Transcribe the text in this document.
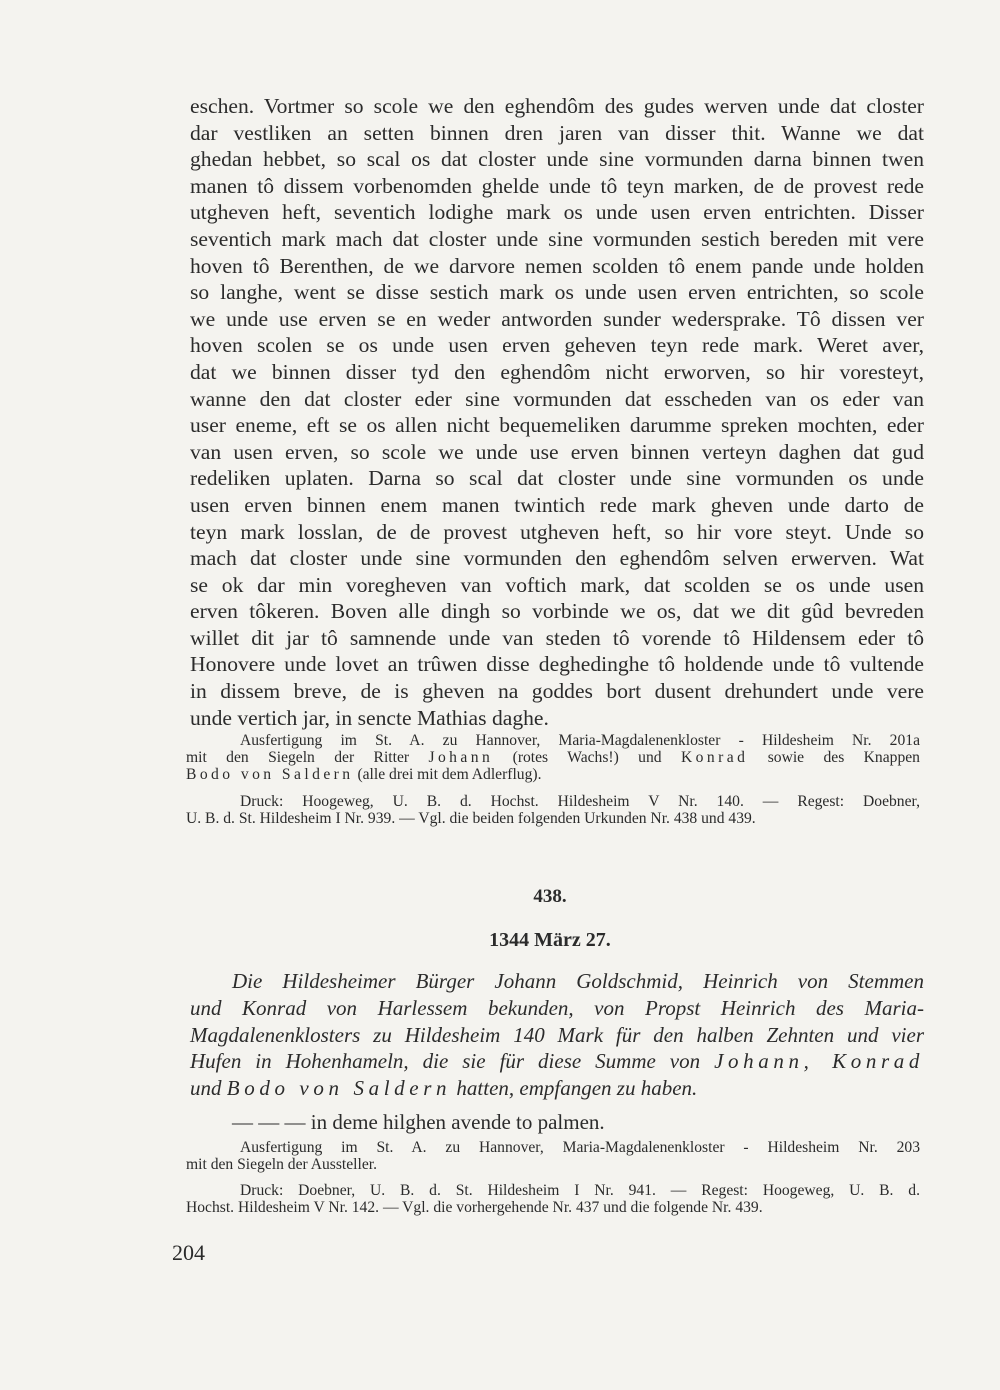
eschen. Vortmer so scole we den eghendôm des gudes werven unde dat closter
dar vestliken an setten binnen dren jaren van disser thit. Wanne we dat
ghedan hebbet, so scal os dat closter unde sine vormunden darna binnen twen
manen tô dissem vorbenomden ghelde unde tô teyn marken, de de provest rede
utgheven heft, seventich lodighe mark os unde usen erven entrichten. Disser
seventich mark mach dat closter unde sine vormunden sestich bereden mit vere
hoven tô Berenthen, de we darvore nemen scolden tô enem pande unde holden
so langhe, went se disse sestich mark os unde usen erven entrichten, so scole
we unde use erven se en weder antworden sunder wedersprake. Tô dissen ver
hoven scolen se os unde usen erven geheven teyn rede mark. Weret aver,
dat we binnen disser tyd den eghendôm nicht erworven, so hir voresteyt,
wanne den dat closter eder sine vormunden dat esscheden van os eder van
user eneme, eft se os allen nicht bequemeliken darumme spreken mochten, eder
van usen erven, so scole we unde use erven binnen verteyn daghen dat gud
redeliken uplaten. Darna so scal dat closter unde sine vormunden os unde
usen erven binnen enem manen twintich rede mark gheven unde darto de
teyn mark losslan, de de provest utgheven heft, so hir vore steyt. Unde so
mach dat closter unde sine vormunden den eghendôm selven erwerven. Wat
se ok dar min voregheven van voftich mark, dat scolden se os unde usen
erven tôkeren. Boven alle dingh so vorbinde we os, dat we dit gûd bevreden
willet dit jar tô samnende unde van steden tô vorende tô Hildensem eder tô
Honovere unde lovet an trûwen disse deghedinghe tô holdende unde tô vultende
in dissem breve, de is gheven na goddes bort dusent drehundert unde vere
unde vertich jar, in sencte Mathias daghe.
Ausfertigung im St. A. zu Hannover, Maria-Magdalenenkloster - Hildesheim Nr. 201a
mit den Siegeln der Ritter Johann (rotes Wachs!) und Konrad sowie des Knappen
Bodo von Saldern (alle drei mit dem Adlerflug).
Druck: Hoogeweg, U. B. d. Hochst. Hildesheim V Nr. 140. — Regest: Doebner,
U. B. d. St. Hildesheim I Nr. 939. — Vgl. die beiden folgenden Urkunden Nr. 438 und 439.
438.
1344 März 27.
Die Hildesheimer Bürger Johann Goldschmid, Heinrich von Stemmen
und Konrad von Harlessem bekunden, von Propst Heinrich des Maria-
Magdalenenklosters zu Hildesheim 140 Mark für den halben Zehnten und vier
Hufen in Hohenhameln, die sie für diese Summe von Johann, Konrad
und Bodo von Saldern hatten, empfangen zu haben.
— — — in deme hilghen avende to palmen.
Ausfertigung im St. A. zu Hannover, Maria-Magdalenenkloster - Hildesheim Nr. 203
mit den Siegeln der Aussteller.
Druck: Doebner, U. B. d. St. Hildesheim I Nr. 941. — Regest: Hoogeweg, U. B. d.
Hochst. Hildesheim V Nr. 142. — Vgl. die vorhergehende Nr. 437 und die folgende Nr. 439.
204
